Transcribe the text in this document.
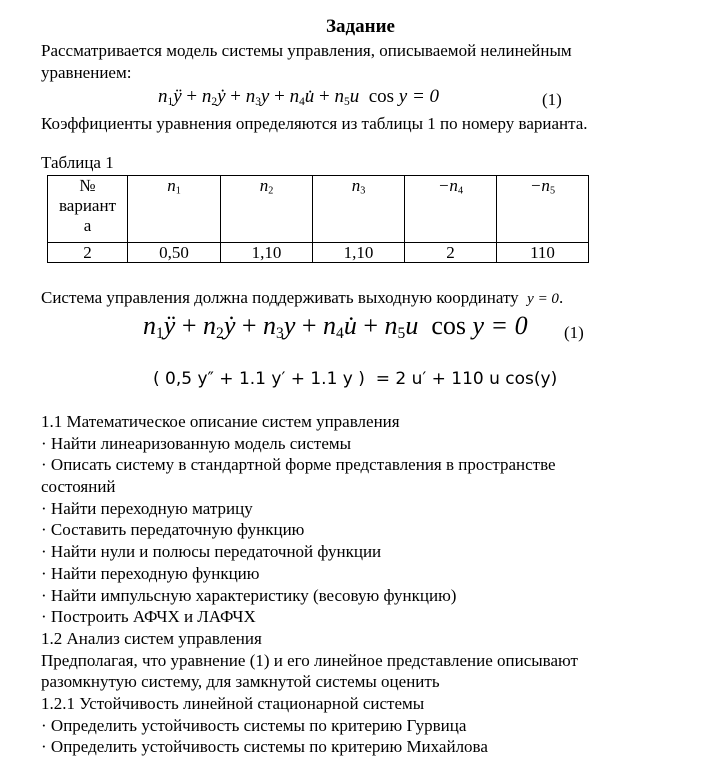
Задание
Рассматривается модель системы управления, описываемой нелинейным
уравнением:
$n_1ÿ$ + $n_2ẏ + n_3y$ + $n_4u̇ + n_5u$ cos y = 0	(1)
Коэффициенты уравнения определяются из таблицы 1 по номеру варианта.
Таблица 1
№
вариант
а	$n_1$	$n_2$	$n_3$	$-n_4$	$-n_5$
2	0,50	1,10	1,10	2	110
Система управления должна поддерживать выходную координату y = 0.
$n_1ÿ$ + $n_2ẏ + n_3y$ + $n_4u̇ + n_5u$ cos y = 0 (1)
( 0,5 y″ + 1.1 y′ + 1.1 y ) = 2 u′ + 110 u cos(y)
1.1 Математическое описание систем управления
· Найти линеаризованную модель системы
· Описать систему в стандартной форме представления в пространстве
состояний
· Найти переходную матрицу
· Составить передаточную функцию
· Найти нули и полюсы передаточной функции
· Найти переходную функцию
· Найти импульсную характеристику (весовую функцию)
· Построить АФЧХ и ЛАФЧХ
1.2 Анализ систем управления
Предполагая, что уравнение (1) и его линейное представление описывают
разомкнутую систему, для замкнутой системы оценить
1.2.1 Устойчивость линейной стационарной системы
· Определить устойчивость системы по критерию Гурвица
· Определить устойчивость системы по критерию Михайлова
